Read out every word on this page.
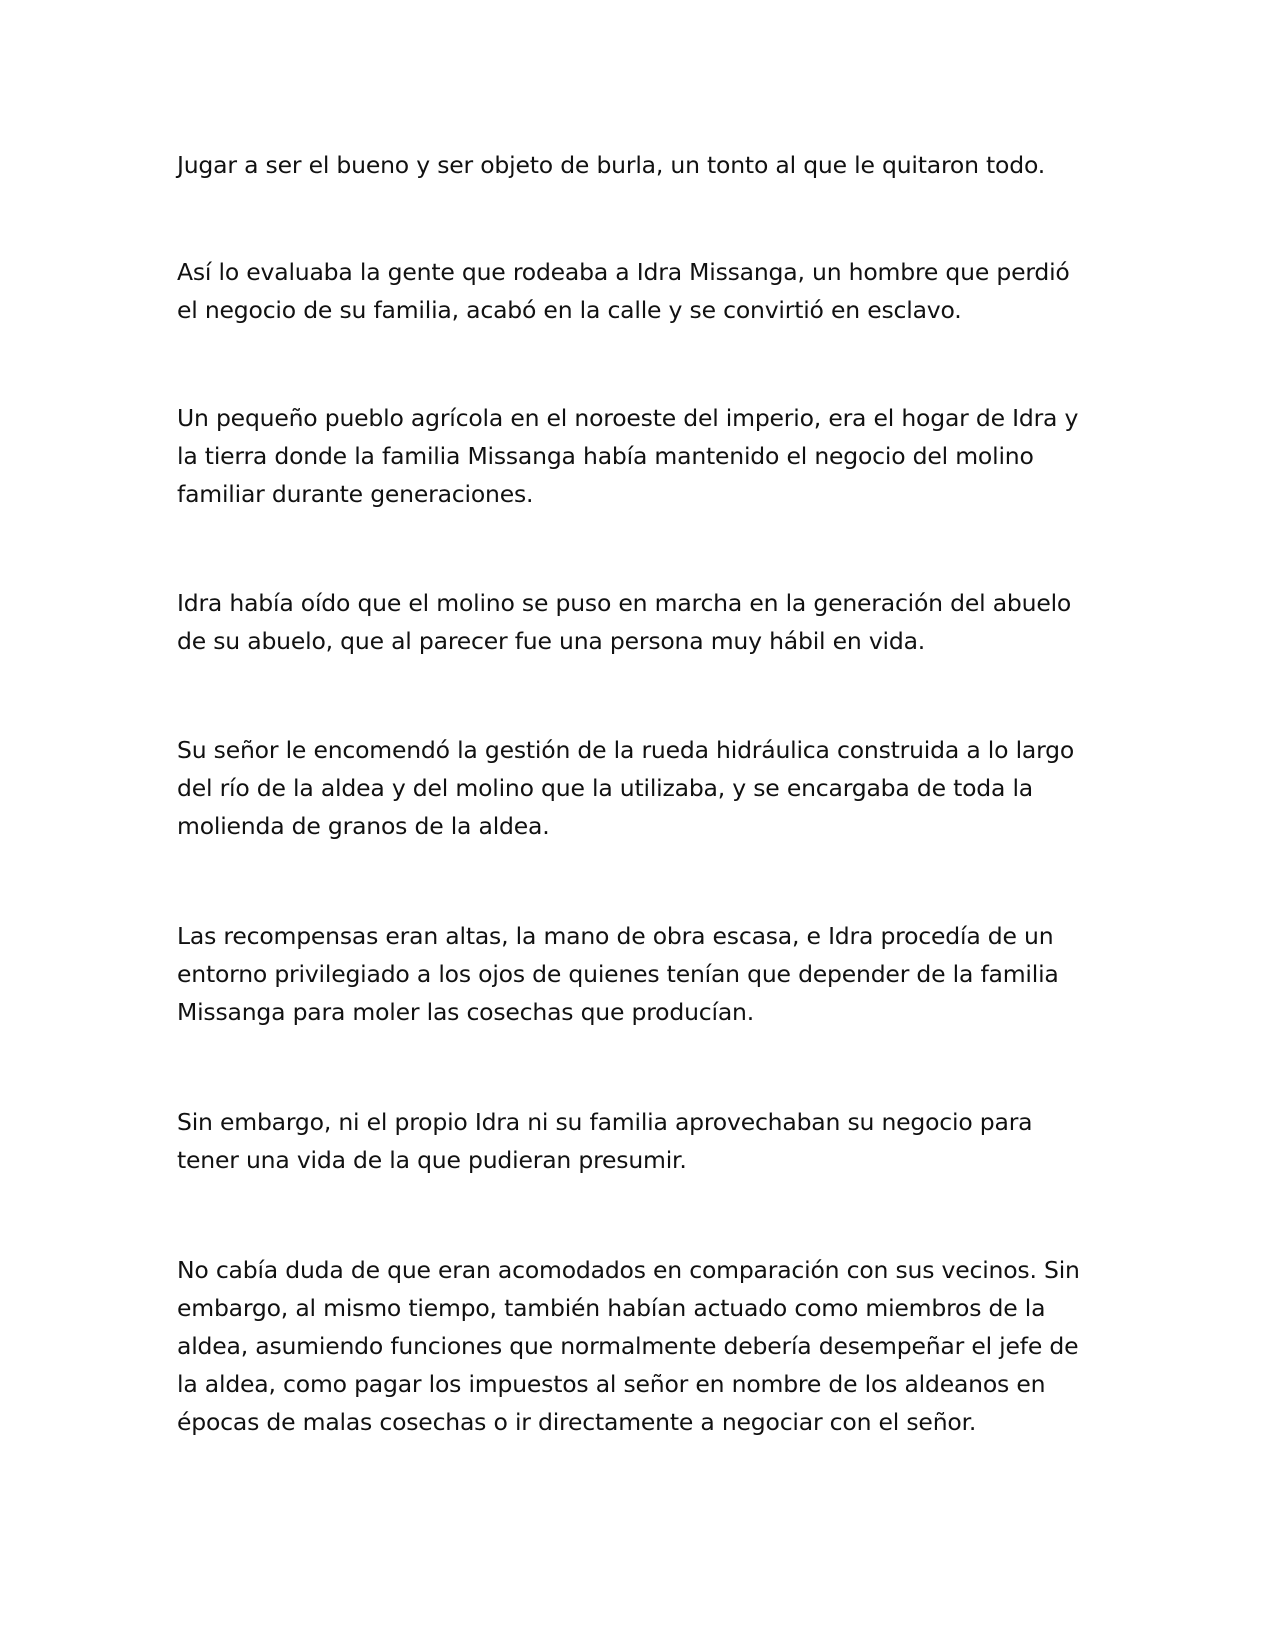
Jugar a ser el bueno y ser objeto de burla, un tonto al que le quitaron todo.

Así lo evaluaba la gente que rodeaba a Idra Missanga, un hombre que perdió
el negocio de su familia, acabó en la calle y se convirtió en esclavo.

Un pequeño pueblo agrícola en el noroeste del imperio, era el hogar de Idra y
la tierra donde la familia Missanga había mantenido el negocio del molino
familiar durante generaciones.

Idra había oído que el molino se puso en marcha en la generación del abuelo
de su abuelo, que al parecer fue una persona muy hábil en vida.

Su señor le encomendó la gestión de la rueda hidráulica construida a lo largo
del río de la aldea y del molino que la utilizaba, y se encargaba de toda la
molienda de granos de la aldea.

Las recompensas eran altas, la mano de obra escasa, e Idra procedía de un
entorno privilegiado a los ojos de quienes tenían que depender de la familia
Missanga para moler las cosechas que producían.

Sin embargo, ni el propio Idra ni su familia aprovechaban su negocio para
tener una vida de la que pudieran presumir.

No cabía duda de que eran acomodados en comparación con sus vecinos. Sin
embargo, al mismo tiempo, también habían actuado como miembros de la
aldea, asumiendo funciones que normalmente debería desempeñar el jefe de
la aldea, como pagar los impuestos al señor en nombre de los aldeanos en
épocas de malas cosechas o ir directamente a negociar con el señor.
